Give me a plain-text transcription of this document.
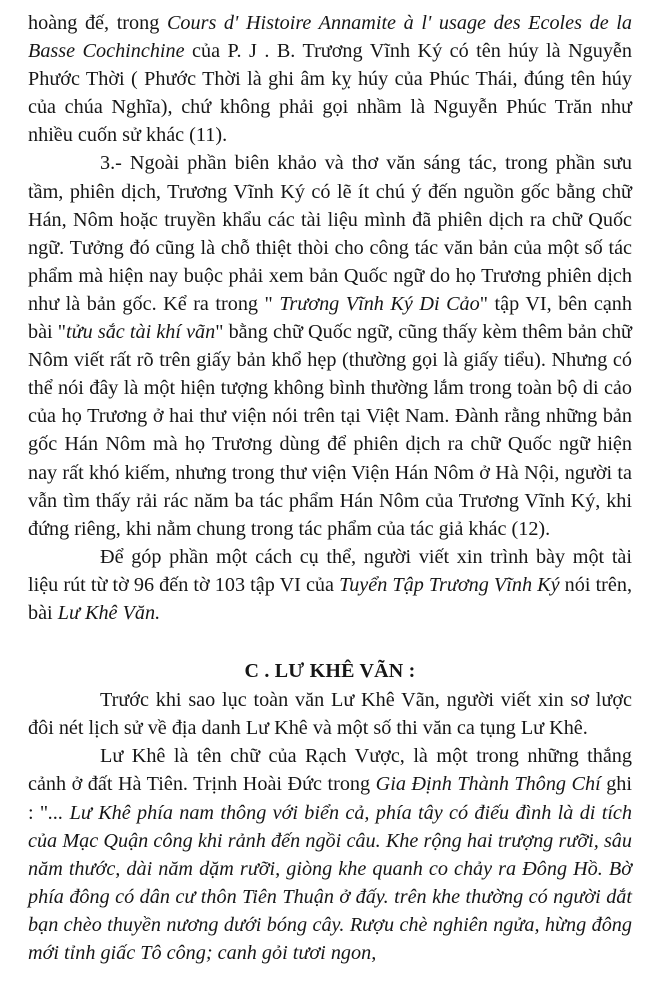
hoàng đế, trong Cours d' Histoire Annamite à l' usage des Ecoles de la Basse Cochinchine của P. J . B. Trương Vĩnh Ký có tên húy là Nguyễn Phước Thời ( Phước Thời là ghi âm kỵ húy của Phúc Thái, đúng tên húy của chúa Nghĩa), chứ không phải gọi nhầm là Nguyễn Phúc Trăn như nhiều cuốn sử khác (11).

3.- Ngoài phần biên khảo và thơ văn sáng tác, trong phần sưu tầm, phiên dịch, Trương Vĩnh Ký có lẽ ít chú ý đến nguồn gốc bằng chữ Hán, Nôm hoặc truyền khẩu các tài liệu mình đã phiên dịch ra chữ Quốc ngữ. Tưởng đó cũng là chỗ thiệt thòi cho công tác văn bản của một số tác phẩm mà hiện nay buộc phải xem bản Quốc ngữ do họ Trương phiên dịch như là bản gốc. Kể ra trong " Trương Vĩnh Ký Di Cảo" tập VI, bên cạnh bài "tửu sắc tài khí vãn" bằng chữ Quốc ngữ, cũng thấy kèm thêm bản chữ Nôm viết rất rõ trên giấy bản khổ hẹp (thường gọi là giấy tiểu). Nhưng có thể nói đây là một hiện tượng không bình thường lắm trong toàn bộ di cảo của họ Trương ở hai thư viện nói trên tại Việt Nam. Đành rằng những bản gốc Hán Nôm mà họ Trương dùng để phiên dịch ra chữ Quốc ngữ hiện nay rất khó kiếm, nhưng trong thư viện Viện Hán Nôm ở Hà Nội, người ta vẫn tìm thấy rải rác năm ba tác phẩm Hán Nôm của Trương Vĩnh Ký, khi đứng riêng, khi nằm chung trong tác phẩm của tác giả khác (12).

Để góp phần một cách cụ thể, người viết xin trình bày một tài liệu rút từ tờ 96 đến tờ 103 tập VI của Tuyển Tập Trương Vĩnh Ký nói trên, bài Lư Khê Văn.

C . LƯ KHÊ VÃN :

Trước khi sao lục toàn văn Lư Khê Vãn, người viết xin sơ lược đôi nét lịch sử về địa danh Lư Khê và một số thi văn ca tụng Lư Khê.

Lư Khê là tên chữ của Rạch Vược, là một trong những thắng cảnh ở đất Hà Tiên. Trịnh Hoài Đức trong Gia Định Thành Thông Chí ghi : "... Lư Khê phía nam thông với biển cả, phía tây có điếu đình là di tích của Mạc Quận công khi rảnh đến ngồi câu. Khe rộng hai trượng rưỡi, sâu năm thước, dài năm dặm rưỡi, giòng khe quanh co chảy ra Đông Hồ. Bờ phía đông có dân cư thôn Tiên Thuận ở đấy. trên khe thường có người dắt bạn chèo thuyền nương dưới bóng cây. Rượu chè nghiên ngửa, hừng đông mới tỉnh giấc Tô công; canh gỏi tươi ngon,
